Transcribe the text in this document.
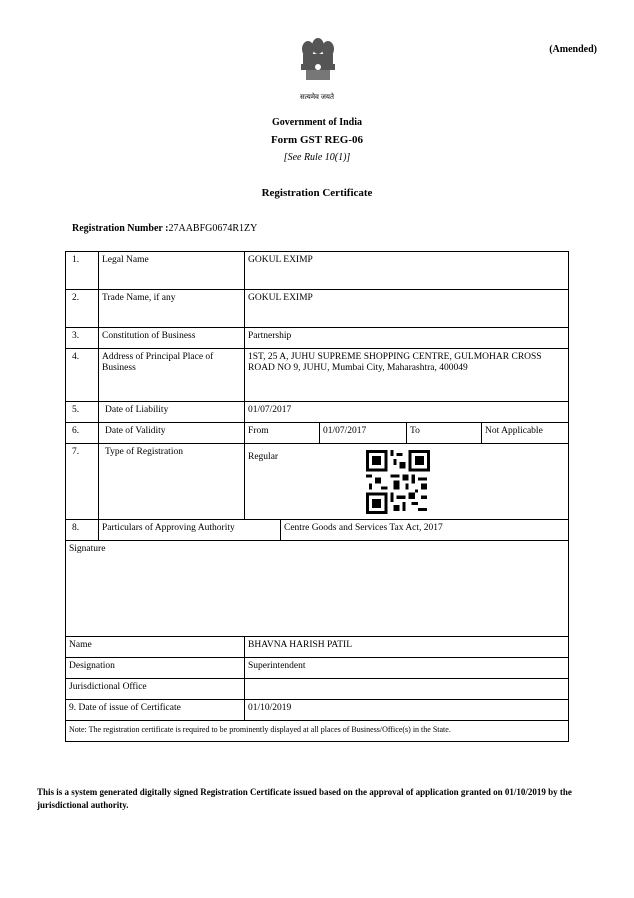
सत्यमेव जयते
(Amended)
Government of India
Form GST REG-06
[See Rule 10(1)]
Registration Certificate
Registration Number :27AABFG0674R1ZY
1.	Legal Name	GOKUL EXIMP				
2.	Trade Name, if any	GOKUL EXIMP				
3.	Constitution of Business	Partnership				
4.	Address of Principal Place of Business	1ST, 25 A, JUHU SUPREME SHOPPING CENTRE, GULMOHAR CROSS ROAD NO 9, JUHU, Mumbai City, Maharashtra, 400049				
5.	Date of Liability	01/07/2017				
6.	Date of Validity	From		01/07/2017	To	Not Applicable
7.	Type of Registration	Regular				

8.	Particulars of Approving Authority		Centre Goods and Services Tax Act, 2017			
Signature						
Name		BHAVNA HARISH PATIL				
Designation		Superintendent				
Jurisdictional Office						
9. Date of issue of Certificate		01/10/2019				
Note: The registration certificate is required to be prominently displayed at all places of Business/Office(s) in the State.						
This is a system generated digitally signed Registration Certificate issued based on the approval of application granted on 01/10/2019 by the jurisdictional authority.
